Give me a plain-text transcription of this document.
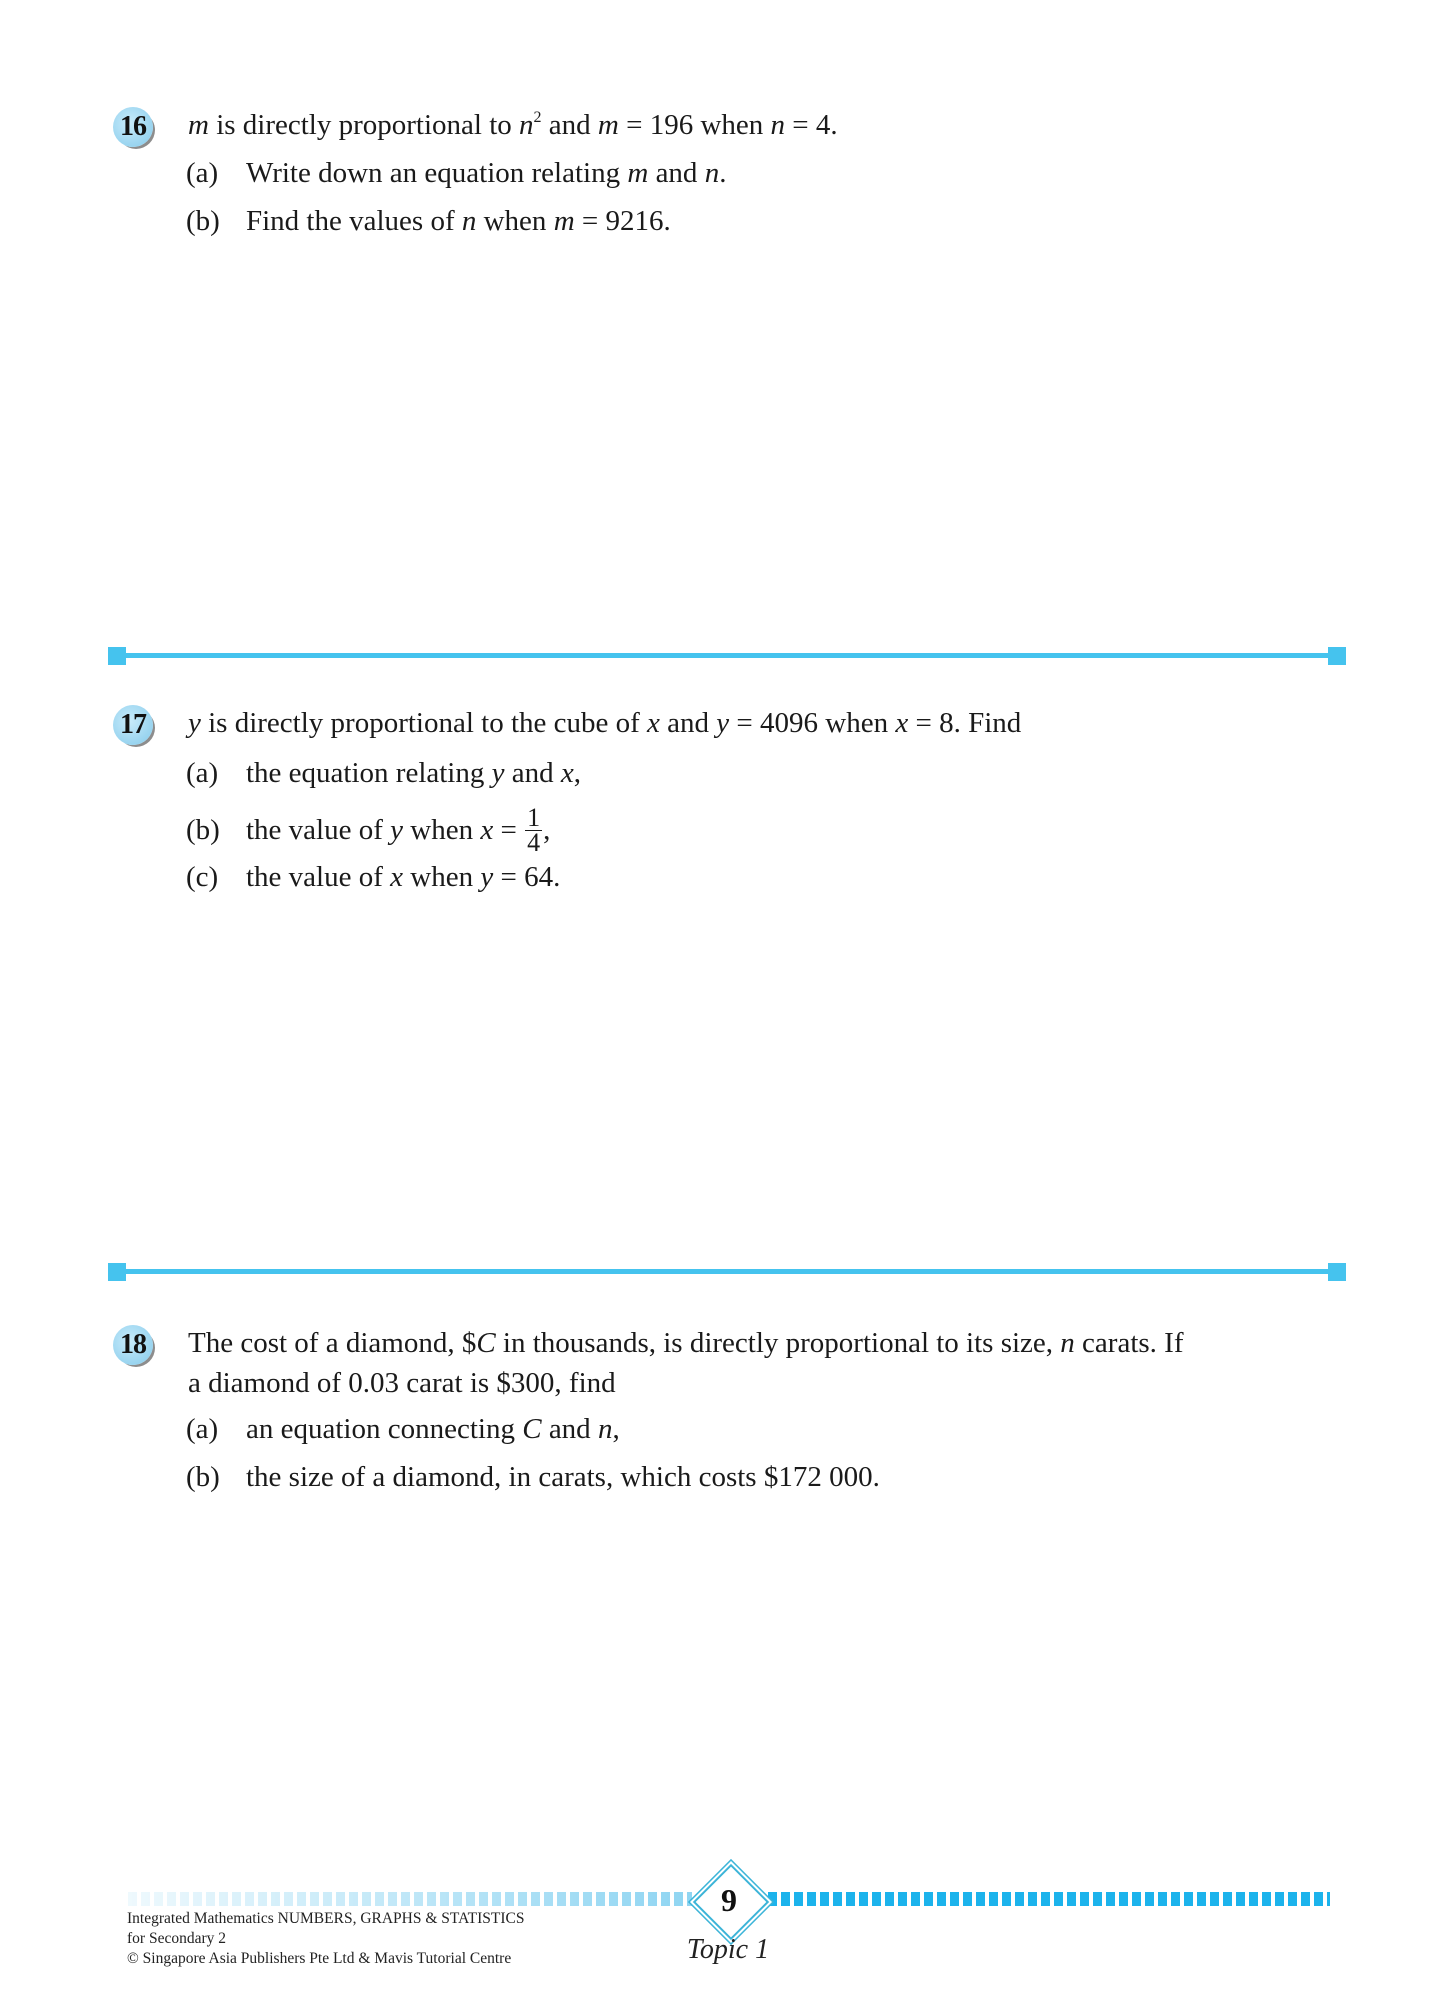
16 m is directly proportional to $n^2$ and m = 196 when n = 4.
(a) Write down an equation relating m and n.
(b) Find the values of n when m = 9216.
17 y is directly proportional to the cube of x and y = 4096 when x = 8. Find
(a) the equation relating y and x,
(b) the value of y when $x = \frac{1}{4}$ ,
(c) the value of x when y = 64.
18 The cost of a diamond, $C in thousands, is directly proportional to its size, n carats. If
a diamond of 0.03 carat is $300, find
(a) an equation connecting C and n,
(b) the size of a diamond, in carats, which costs $172 000.
Integrated Mathematics NUMBERS, GRAPHS & STATISTICS
for Secondary 2
© Singapore Asia Publishers Pte Ltd & Mavis Tutorial Centre
9
Topic 1
